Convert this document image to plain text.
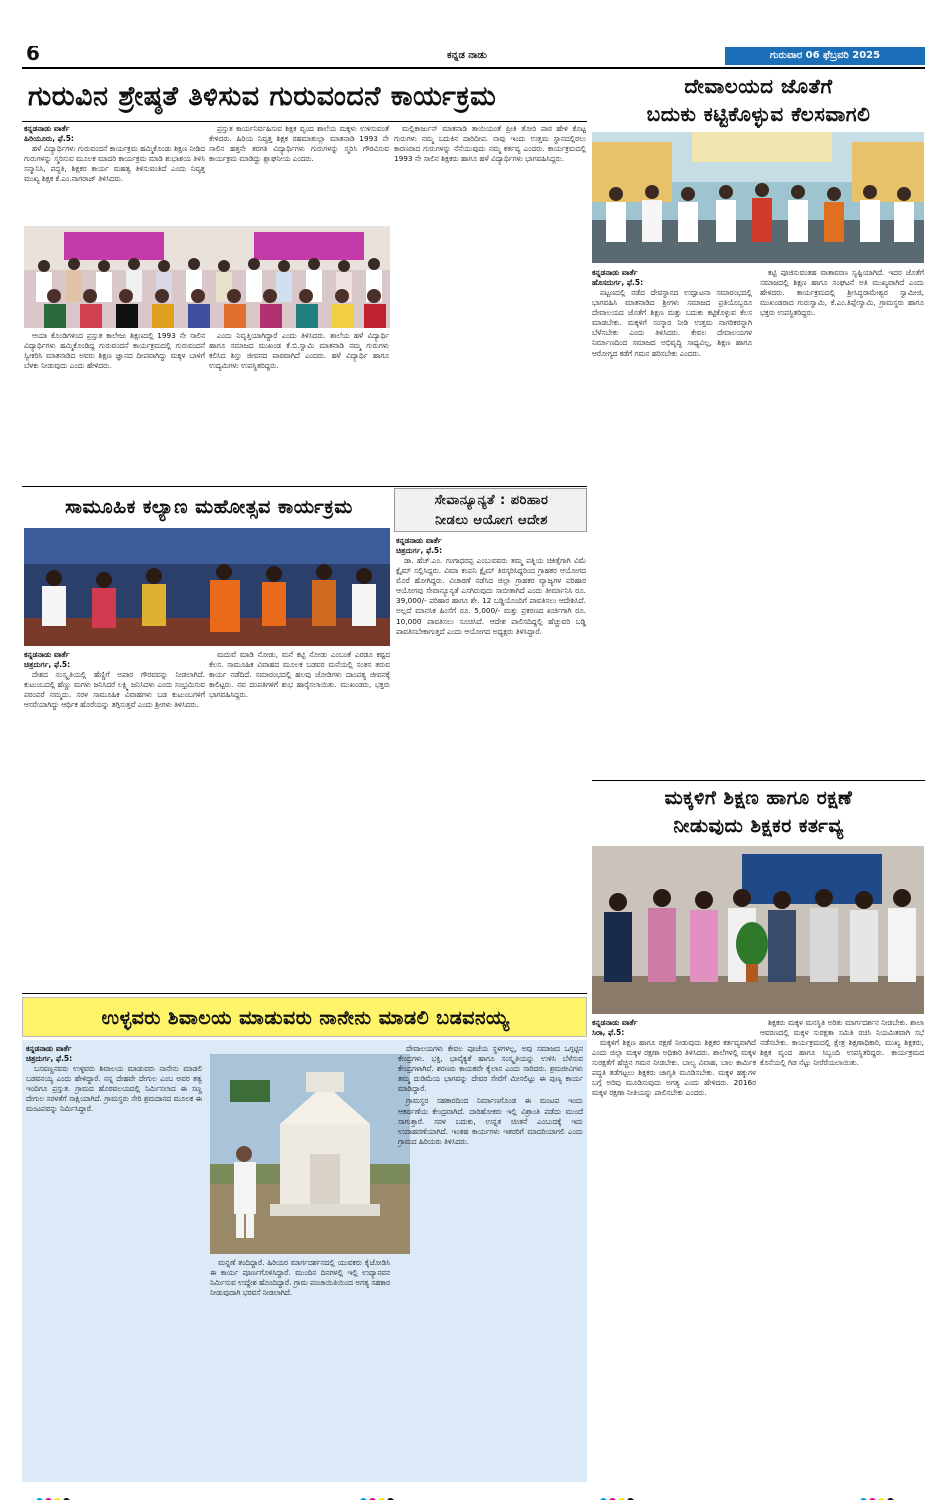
6	ಕನ್ನಡ ನಾಡು	ಗುರುವಾರ 06 ಫೆಬ್ರವರಿ 2025
ಗುರುವಿನ ಶ್ರೇಷ್ಠತೆ ತಿಳಿಸುವ ಗುರುವಂದನೆ ಕಾರ್ಯಕ್ರಮ
ಕನ್ನಡನಾಡು ವಾರ್ತೆ
ಹಿರಿಯೂರು, ಫೆ.5:

ಹಳೆ ವಿದ್ಯಾರ್ಥಿಗಳು ಗುರುವಂದನೆ ಕಾರ್ಯಕ್ರಮ ಹಮ್ಮಿಕೊಂಡು ಶಿಕ್ಷಣ ನೀಡಿದ ಗುರುಗಳನ್ನು ಸ್ಮರಿಸುವ ಮೂಲಕ ಮಾದರಿ ಕಾರ್ಯಕ್ರಮ ಮಾಡಿ ಶುಭಾಶಯ ತಿಳಿಸಿ ಸನ್ಮಾನಿಸಿ, ಪದ್ಧತಿ, ಶಿಕ್ಷಕರ ಕಾರ್ಯ ಮಹತ್ವ ತಿಳಿಸುವಂತಿದೆ ಎಂದು ನಿವೃತ್ತ ಮುಖ್ಯ ಶಿಕ್ಷಕ ಕೆ.ಎಂ.ನಾಗರಾಜ್ ತಿಳಿಸಿದರು.

ಪ್ರಸ್ತುತ ಕಾರ್ಯನಿರ್ವಹಿಸುವ ಶಿಕ್ಷಕ ವೃಂದ ಶಾಲೆಯ ಮಕ್ಕಳು ಉಳಿಸುವಂತೆ ಕೇಳಿದರು. ಹಿರಿಯ ನಿವೃತ್ತ ಶಿಕ್ಷಕ ರಹಮಾತುಲ್ಲಾ ಮಾತನಾಡಿ 1993 ನೇ ಸಾಲಿನ ಹತ್ತನೇ ತರಗತಿ ವಿದ್ಯಾರ್ಥಿಗಳು ಗುರುಗಳನ್ನು ಸ್ಮರಿಸಿ ಗೌರವಿಸುವ ಕಾರ್ಯಕ್ರಮ ಮಾಡಿದ್ದು ಶ್ಲಾಘನೀಯ ಎಂದರು.

ಮಲ್ಲಿಕಾರ್ಜುನ್ ಮಾತನಾಡಿ ತಾಯಿಯಂತೆ ಪ್ರೀತಿ ತೋರಿ ಪಾಠ ಹೇಳಿ ಕೊಟ್ಟ ಗುರುಗಳು ನಮ್ಮ ಬದುಕಿನ ದಾರಿದೀಪ. ನಾವು ಇಂದು ಉತ್ತಮ ಸ್ಥಾನದಲ್ಲಿರಲು ಕಾರಣರಾದ ಗುರುಗಳನ್ನು ನೆನೆಯುವುದು ನಮ್ಮ ಕರ್ತವ್ಯ ಎಂದರು. ಕಾರ್ಯಕ್ರಮದಲ್ಲಿ 1993 ನೇ ಸಾಲಿನ ಶಿಕ್ಷಕರು ಹಾಗೂ ಹಳೆ ವಿದ್ಯಾರ್ಥಿಗಳು ಭಾಗವಹಿಸಿದ್ದರು.

ಆಯಾ ಕೊಂಡಿಗಳಿಂದ ಪ್ರಸ್ತುತ ಕಾಲೇಜು ಶಿಕ್ಷಣದಲ್ಲಿ 1993 ನೇ ಸಾಲಿನ ವಿದ್ಯಾರ್ಥಿಗಳು ಹಮ್ಮಿಕೊಂಡಿದ್ದ ಗುರುವಂದನೆ ಕಾರ್ಯಕ್ರಮದಲ್ಲಿ ಗುರುವಂದನೆ ಸ್ವೀಕರಿಸಿ ಮಾತನಾಡಿದ ಅವರು ಶಿಕ್ಷಣ ಜ್ಞಾನದ ದೀಪವಾಗಿದ್ದು ಮಕ್ಕಳ ಬಾಳಿಗೆ ಬೆಳಕು ನೀಡುವುದು ಎಂದು ಹೇಳಿದರು.

ಎಂದು ನಿವೃತ್ತಿಯಾಗಿದ್ದಾರೆ ಎಂದು ತಿಳಿಸಿದರು. ಶಾಲೆಯ ಹಳೆ ವಿದ್ಯಾರ್ಥಿ ಹಾಗೂ ಸಮಾಜದ ಮುಖಂಡ ಕೆ.ಬಿ.ಸ್ವಾಮಿ ಮಾತನಾಡಿ ನಮ್ಮ ಗುರುಗಳು ಕಲಿಸಿದ ಶಿಸ್ತು ಜೀವನದ ಪಾಠವಾಗಿದೆ ಎಂದರು. ಹಳೆ ವಿದ್ಯಾರ್ಥಿ ಹಾಗೂ ಉದ್ಯಮಿಗಳು ಉಪಸ್ಥಿತರಿದ್ದರು.

ದೇವಾಲಯದ ಜೊತೆಗೆ
ಬದುಕು ಕಟ್ಟಿಕೊಳ್ಳುವ ಕೆಲಸವಾಗಲಿ
ಕನ್ನಡನಾಡು ವಾರ್ತೆ
ಹೊಸದುರ್ಗ, ಫೆ.5:

ಪಟ್ಟಣದಲ್ಲಿ ನಡೆದ ದೇವಸ್ಥಾನದ ಉದ್ಘಾಟನಾ ಸಮಾರಂಭದಲ್ಲಿ ಭಾಗವಹಿಸಿ ಮಾತನಾಡಿದ ಶ್ರೀಗಳು ಸಮಾಜದ ಪ್ರತಿಯೊಬ್ಬರೂ ದೇವಾಲಯದ ಜೊತೆಗೆ ಶಿಕ್ಷಣ ಮತ್ತು ಬದುಕು ಕಟ್ಟಿಕೊಳ್ಳುವ ಕೆಲಸ ಮಾಡಬೇಕು. ಮಕ್ಕಳಿಗೆ ಸಂಸ್ಕಾರ ನೀಡಿ ಉತ್ತಮ ನಾಗರಿಕರನ್ನಾಗಿ ಬೆಳೆಸಬೇಕು ಎಂದು ತಿಳಿಸಿದರು. ಕೇವಲ ದೇವಾಲಯಗಳ ನಿರ್ಮಾಣದಿಂದ ಸಮಾಜದ ಅಭಿವೃದ್ಧಿ ಸಾಧ್ಯವಿಲ್ಲ, ಶಿಕ್ಷಣ ಹಾಗೂ ಆರೋಗ್ಯದ ಕಡೆಗೆ ಗಮನ ಹರಿಸಬೇಕು ಎಂದರು.

ಕಟ್ಟಿ ಪೂಜಿಸುವಂತಹ ವಾತಾವರಣ ಸೃಷ್ಟಿಯಾಗಿದೆ. ಇದರ ಜೊತೆಗೆ ಸಮಾಜದಲ್ಲಿ ಶಿಕ್ಷಣ ಹಾಗೂ ಸಂಘಟನೆ ಅತಿ ಮುಖ್ಯವಾಗಿದೆ ಎಂದು ಹೇಳಿದರು. ಕಾರ್ಯಕ್ರಮದಲ್ಲಿ ಶ್ರೀಸಿದ್ಧರಾಮೇಶ್ವರ ಸ್ವಾಮೀಜಿ, ಮುಖಂಡರಾದ ಗುರುಸ್ವಾಮಿ, ಕೆ.ಎಂ.ತಿಪ್ಪೇಸ್ವಾಮಿ, ಗ್ರಾಮಸ್ಥರು ಹಾಗೂ ಭಕ್ತರು ಉಪಸ್ಥಿತರಿದ್ದರು.

ಸಾಮೂಹಿಕ ಕಲ್ಯಾಣ ಮಹೋತ್ಸವ ಕಾರ್ಯಕ್ರಮ
ಕನ್ನಡನಾಡು ವಾರ್ತೆ
ಚಿತ್ರದುರ್ಗ, ಫೆ.5:

ದೇಶದ ಸಂಸ್ಕೃತಿಯಲ್ಲಿ ಹೆಣ್ಣಿಗೆ ಅಪಾರ ಗೌರವವನ್ನು ನೀಡಲಾಗಿದೆ. ಕುಟುಂಬದಲ್ಲಿ ಹೆಣ್ಣು ಮಗಳು ಜನಿಸಿದರೆ ಲಕ್ಷ್ಮಿ ಜನಿಸಿದಳು ಎಂದು ಸಂಭ್ರಮಿಸುವ ಪರಂಪರೆ ನಮ್ಮದು. ಸರಳ ಸಾಮೂಹಿಕ ವಿವಾಹಗಳು ಬಡ ಕುಟುಂಬಗಳಿಗೆ ಆಸರೆಯಾಗಿದ್ದು ಆರ್ಥಿಕ ಹೊರೆಯನ್ನು ತಗ್ಗಿಸುತ್ತವೆ ಎಂದು ಶ್ರೀಗಳು ತಿಳಿಸಿದರು.

ಮದುವೆ ಮಾಡಿ ನೋಡು, ಮನೆ ಕಟ್ಟಿ ನೋಡು ಎಂಬಂತೆ ಎರಡೂ ಕಷ್ಟದ ಕೆಲಸ. ಸಾಮೂಹಿಕ ವಿವಾಹದ ಮೂಲಕ ಬಡವರ ಮನೆಯಲ್ಲಿ ಸಂತಸ ತರುವ ಕಾರ್ಯ ನಡೆದಿದೆ. ಸಮಾರಂಭದಲ್ಲಿ ಹಲವು ಜೋಡಿಗಳು ದಾಂಪತ್ಯ ಜೀವನಕ್ಕೆ ಕಾಲಿಟ್ಟರು. ನವ ದಂಪತಿಗಳಿಗೆ ಶುಭ ಹಾರೈಸಲಾಯಿತು. ಮುಖಂಡರು, ಭಕ್ತರು ಭಾಗವಹಿಸಿದ್ದರು.

ಸೇವಾನ್ಯೂನ್ಯತೆ : ಪರಿಹಾರ
ನೀಡಲು ಆಯೋಗ ಆದೇಶ
ಕನ್ನಡನಾಡು ವಾರ್ತೆ
ಚಿತ್ರದುರ್ಗ, ಫೆ.5:

ಡಾ. ಹೆಚ್.ಎಂ. ಗಂಗಾಧರಪ್ಪ ಎಂಬುವವರು ತಮ್ಮ ಪತ್ನಿಯ ಚಿಕಿತ್ಸೆಗಾಗಿ ವಿಮೆ ಕ್ಲೈಮ್ ಸಲ್ಲಿಸಿದ್ದರು. ವಿಮಾ ಕಂಪನಿ ಕ್ಲೈಮ್ ತಿರಸ್ಕರಿಸಿದ್ದರಿಂದ ಗ್ರಾಹಕರ ಆಯೋಗದ ಮೊರೆ ಹೋಗಿದ್ದರು. ವಿಚಾರಣೆ ನಡೆಸಿದ ಜಿಲ್ಲಾ ಗ್ರಾಹಕರ ವ್ಯಾಜ್ಯಗಳ ಪರಿಹಾರ ಆಯೋಗವು ಸೇವಾನ್ಯೂನ್ಯತೆ ಎಸಗಿರುವುದು ಸಾಬೀತಾಗಿದೆ ಎಂದು ತೀರ್ಮಾನಿಸಿ ರೂ. 39,000/- ಪರಿಹಾರ ಹಾಗೂ ಶೇ. 12 ಬಡ್ಡಿಯೊಂದಿಗೆ ಪಾವತಿಸಲು ಆದೇಶಿಸಿದೆ. ಅಲ್ಲದೆ ಮಾನಸಿಕ ಹಿಂಸೆಗೆ ರೂ. 5,000/- ಮತ್ತು ಪ್ರಕರಣದ ಖರ್ಚಿಗಾಗಿ ರೂ. 10,000 ಪಾವತಿಸಲು ಸೂಚಿಸಿದೆ. ಆದೇಶ ಪಾಲಿಸದಿದ್ದಲ್ಲಿ ಹೆಚ್ಚುವರಿ ಬಡ್ಡಿ ಪಾವತಿಸಬೇಕಾಗುತ್ತದೆ ಎಂದು ಆಯೋಗದ ಅಧ್ಯಕ್ಷರು ತಿಳಿಸಿದ್ದಾರೆ.

ಮಕ್ಕಳಿಗೆ ಶಿಕ್ಷಣ ಹಾಗೂ ರಕ್ಷಣೆ
ನೀಡುವುದು ಶಿಕ್ಷಕರ ಕರ್ತವ್ಯ
ಕನ್ನಡನಾಡು ವಾರ್ತೆ
ಸಿರಾ, ಫೆ.5:

ಮಕ್ಕಳಿಗೆ ಶಿಕ್ಷಣ ಹಾಗೂ ರಕ್ಷಣೆ ನೀಡುವುದು ಶಿಕ್ಷಕರ ಕರ್ತವ್ಯವಾಗಿದೆ ಎಂದು ಜಿಲ್ಲಾ ಮಕ್ಕಳ ರಕ್ಷಣಾ ಅಧಿಕಾರಿ ತಿಳಿಸಿದರು. ಶಾಲೆಗಳಲ್ಲಿ ಮಕ್ಕಳ ಸುರಕ್ಷತೆಗೆ ಹೆಚ್ಚಿನ ಗಮನ ನೀಡಬೇಕು. ಬಾಲ್ಯ ವಿವಾಹ, ಬಾಲ ಕಾರ್ಮಿಕ ಪದ್ಧತಿ ತಡೆಗಟ್ಟಲು ಶಿಕ್ಷಕರು ಜಾಗೃತಿ ಮೂಡಿಸಬೇಕು. ಮಕ್ಕಳ ಹಕ್ಕುಗಳ ಬಗ್ಗೆ ಅರಿವು ಮೂಡಿಸುವುದು ಅಗತ್ಯ ಎಂದು ಹೇಳಿದರು. 2016ರ ಮಕ್ಕಳ ರಕ್ಷಣಾ ನೀತಿಯನ್ನು ಪಾಲಿಸಬೇಕು ಎಂದರು.

ಶಿಕ್ಷಕರು ಮಕ್ಕಳ ಮನಸ್ಥಿತಿ ಅರಿತು ಮಾರ್ಗದರ್ಶನ ನೀಡಬೇಕು. ಶಾಲಾ ಆವರಣದಲ್ಲಿ ಮಕ್ಕಳ ಸುರಕ್ಷತಾ ಸಮಿತಿ ರಚಿಸಿ ನಿಯಮಿತವಾಗಿ ಸಭೆ ನಡೆಸಬೇಕು. ಕಾರ್ಯಕ್ರಮದಲ್ಲಿ ಕ್ಷೇತ್ರ ಶಿಕ್ಷಣಾಧಿಕಾರಿ, ಮುಖ್ಯ ಶಿಕ್ಷಕರು, ಶಿಕ್ಷಕ ವೃಂದ ಹಾಗೂ ಸಿಬ್ಬಂದಿ ಉಪಸ್ಥಿತರಿದ್ದರು. ಕಾರ್ಯಕ್ರಮದ ಕೊನೆಯಲ್ಲಿ ಗಿಡ ನೆಟ್ಟು ನೀರೆರೆಯಲಾಯಿತು.

ಉಳ್ಳವರು ಶಿವಾಲಯ ಮಾಡುವರು ನಾನೇನು ಮಾಡಲಿ ಬಡವನಯ್ಯ
ಕನ್ನಡನಾಡು ವಾರ್ತೆ
ಚಿತ್ರದುರ್ಗ, ಫೆ.5:

ಬಸವಣ್ಣನವರು ಉಳ್ಳವರು ಶಿವಾಲಯ ಮಾಡುವರು ನಾನೇನು ಮಾಡಲಿ ಬಡವನಯ್ಯ ಎಂದು ಹೇಳಿದ್ದಾರೆ. ನನ್ನ ದೇಹವೇ ದೇಗುಲ ಎಂಬ ಅವರ ತತ್ವ ಇಂದಿಗೂ ಪ್ರಸ್ತುತ. ಗ್ರಾಮದ ಹೊರವಲಯದಲ್ಲಿ ನಿರ್ಮಿಸಲಾದ ಈ ಸಣ್ಣ ದೇಗುಲ ಸರಳತೆಗೆ ಸಾಕ್ಷಿಯಾಗಿದೆ. ಗ್ರಾಮಸ್ಥರು ಸೇರಿ ಶ್ರಮದಾನದ ಮೂಲಕ ಈ ಮಂಟಪವನ್ನು ನಿರ್ಮಿಸಿದ್ದಾರೆ.

ಮನ್ನಣೆ ತಂದಿದ್ದಾರೆ. ಹಿರಿಯರ ಮಾರ್ಗದರ್ಶನದಲ್ಲಿ ಯುವಕರು ಕೈಜೋಡಿಸಿ ಈ ಕಾರ್ಯ ಪೂರ್ಣಗೊಳಿಸಿದ್ದಾರೆ. ಮುಂದಿನ ದಿನಗಳಲ್ಲಿ ಇಲ್ಲಿ ಉದ್ಯಾನವನ ನಿರ್ಮಿಸುವ ಉದ್ದೇಶ ಹೊಂದಿದ್ದಾರೆ. ಗ್ರಾಮ ಪಂಚಾಯಿತಿಯಿಂದ ಅಗತ್ಯ ಸಹಕಾರ ನೀಡುವುದಾಗಿ ಭರವಸೆ ನೀಡಲಾಗಿದೆ.

ದೇವಾಲಯಗಳು ಕೇವಲ ಪೂಜೆಯ ಸ್ಥಳಗಳಲ್ಲ, ಅವು ಸಮಾಜದ ಒಗ್ಗಟ್ಟಿನ ಕೇಂದ್ರಗಳು. ಭಕ್ತಿ, ಭಾವೈಕ್ಯತೆ ಹಾಗೂ ಸಂಸ್ಕೃತಿಯನ್ನು ಉಳಿಸಿ ಬೆಳೆಸುವ ಕೇಂದ್ರಗಳಾಗಿವೆ. ಶರಣರು ಕಾಯಕವೇ ಕೈಲಾಸ ಎಂದು ಸಾರಿದರು. ಶ್ರಮಜೀವಿಗಳು ತಮ್ಮ ದುಡಿಮೆಯ ಭಾಗವನ್ನು ದೇವರ ಸೇವೆಗೆ ಮೀಸಲಿಟ್ಟು ಈ ಪುಣ್ಯ ಕಾರ್ಯ ಮಾಡಿದ್ದಾರೆ.

ಗ್ರಾಮಸ್ಥರ ಸಹಕಾರದಿಂದ ನಿರ್ಮಾಣಗೊಂಡ ಈ ಮಂಟಪ ಇಂದು ಆಕರ್ಷಣೆಯ ಕೇಂದ್ರವಾಗಿದೆ. ದಾರಿಹೋಕರು ಇಲ್ಲಿ ವಿಶ್ರಾಂತಿ ಪಡೆದು ಮುಂದೆ ಸಾಗುತ್ತಾರೆ. ಸರಳ ಬದುಕು, ಉನ್ನತ ಚಿಂತನೆ ಎಂಬುದಕ್ಕೆ ಇದು ಉದಾಹರಣೆಯಾಗಿದೆ. ಇಂತಹ ಕಾರ್ಯಗಳು ಇತರರಿಗೆ ಮಾದರಿಯಾಗಲಿ ಎಂದು ಗ್ರಾಮದ ಹಿರಿಯರು ತಿಳಿಸಿದರು.
